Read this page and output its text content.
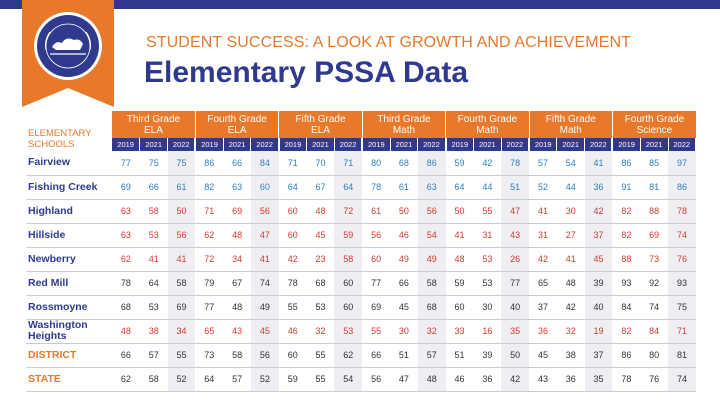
STUDENT SUCCESS: A LOOK AT GROWTH AND ACHIEVEMENT
Elementary PSSA Data
ELEMENTARY
SCHOOLS	Third Grade
ELA			Fourth Grade
ELA			Fifth Grade
ELA			Third Grade
Math			Fourth Grade
Math			Fifth Grade
Math			Fourth Grade
Science		
	2019	2021	2022	2019	2021	2022	2019	2021	2022	2019	2021	2022	2019	2021	2022	2019	2021	2022	2019	2021	2022
Fairview	77	75	75	86	66	84	71	70	71	80	68	86	59	42	78	57	54	41	86	85	97
Fishing Creek	69	66	61	82	63	60	64	67	64	78	61	63	64	44	51	52	44	36	91	81	86
Highland	63	58	50	71	69	56	60	48	72	61	50	56	50	55	47	41	30	42	82	88	78
Hillside	63	53	56	62	48	47	60	45	59	56	46	54	41	31	43	31	27	37	82	69	74
Newberry	62	41	41	72	34	41	42	23	58	60	49	49	48	53	26	42	41	45	88	73	76
Red Mill	78	64	58	79	67	74	78	68	60	77	66	58	59	53	77	65	48	39	93	92	93
Rossmoyne	68	53	69	77	48	49	55	53	60	69	45	68	60	30	40	37	42	40	84	74	75
Washington
Heights	48	38	34	65	43	45	46	32	53	55	30	32	33	16	35	36	32	19	82	84	71
DISTRICT	66	57	55	73	58	56	60	55	62	66	51	57	51	39	50	45	38	37	86	80	81
STATE	62	58	52	64	57	52	59	55	54	56	47	48	46	36	42	43	36	35	78	76	74
